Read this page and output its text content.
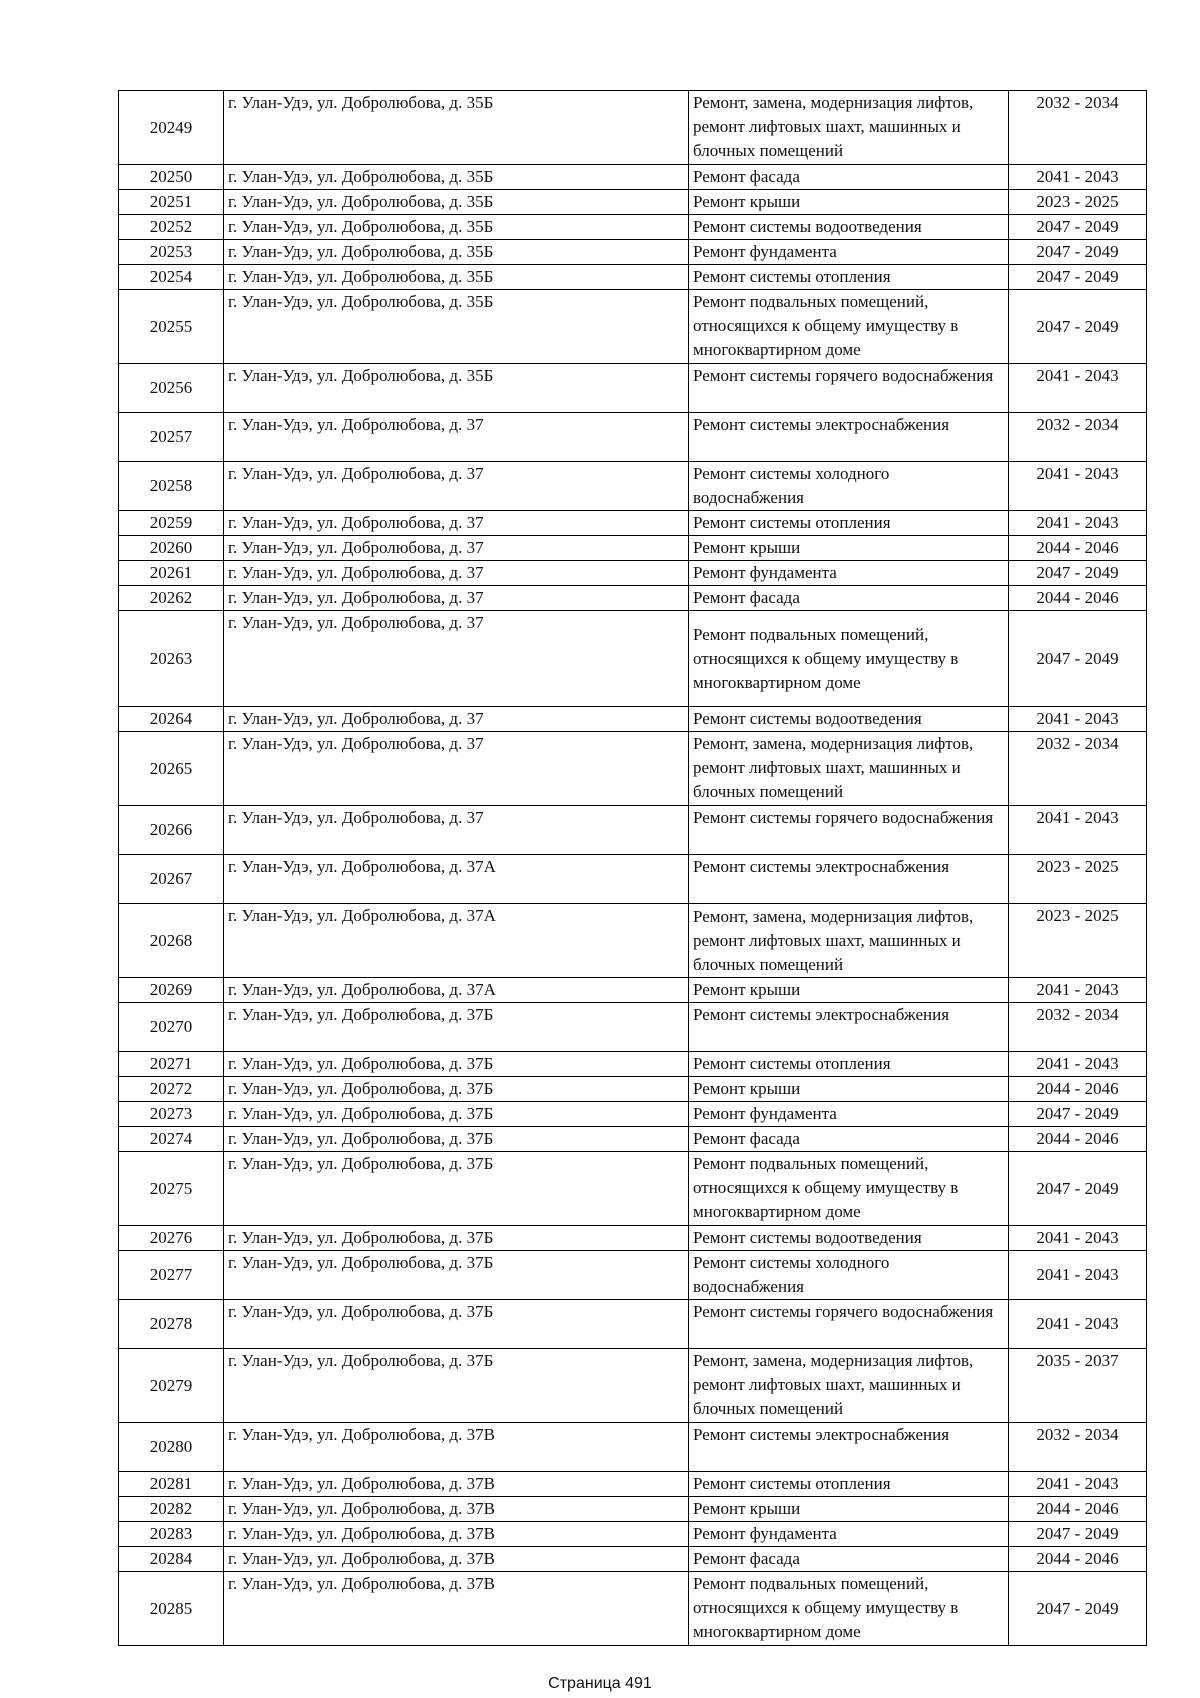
20249	г. Улан-Удэ, ул. Добролюбова, д. 35Б	Ремонт, замена, модернизация лифтов, ремонт лифтовых шахт, машинных и блочных помещений	2032 - 2034
20250	г. Улан-Удэ, ул. Добролюбова, д. 35Б	Ремонт фасада	2041 - 2043
20251	г. Улан-Удэ, ул. Добролюбова, д. 35Б	Ремонт крыши	2023 - 2025
20252	г. Улан-Удэ, ул. Добролюбова, д. 35Б	Ремонт системы водоотведения	2047 - 2049
20253	г. Улан-Удэ, ул. Добролюбова, д. 35Б	Ремонт фундамента	2047 - 2049
20254	г. Улан-Удэ, ул. Добролюбова, д. 35Б	Ремонт системы отопления	2047 - 2049
20255	г. Улан-Удэ, ул. Добролюбова, д. 35Б	Ремонт подвальных помещений, относящихся к общему имуществу в многоквартирном доме	2047 - 2049
20256	г. Улан-Удэ, ул. Добролюбова, д. 35Б	Ремонт системы горячего водоснабжения	2041 - 2043
20257	г. Улан-Удэ, ул. Добролюбова, д. 37	Ремонт системы электроснабжения	2032 - 2034
20258	г. Улан-Удэ, ул. Добролюбова, д. 37	Ремонт системы холодного водоснабжения	2041 - 2043
20259	г. Улан-Удэ, ул. Добролюбова, д. 37	Ремонт системы отопления	2041 - 2043
20260	г. Улан-Удэ, ул. Добролюбова, д. 37	Ремонт крыши	2044 - 2046
20261	г. Улан-Удэ, ул. Добролюбова, д. 37	Ремонт фундамента	2047 - 2049
20262	г. Улан-Удэ, ул. Добролюбова, д. 37	Ремонт фасада	2044 - 2046
20263	г. Улан-Удэ, ул. Добролюбова, д. 37	Ремонт подвальных помещений, относящихся к общему имуществу в многоквартирном доме	2047 - 2049
20264	г. Улан-Удэ, ул. Добролюбова, д. 37	Ремонт системы водоотведения	2041 - 2043
20265	г. Улан-Удэ, ул. Добролюбова, д. 37	Ремонт, замена, модернизация лифтов, ремонт лифтовых шахт, машинных и блочных помещений	2032 - 2034
20266	г. Улан-Удэ, ул. Добролюбова, д. 37	Ремонт системы горячего водоснабжения	2041 - 2043
20267	г. Улан-Удэ, ул. Добролюбова, д. 37А	Ремонт системы электроснабжения	2023 - 2025
20268	г. Улан-Удэ, ул. Добролюбова, д. 37А	Ремонт, замена, модернизация лифтов, ремонт лифтовых шахт, машинных и блочных помещений	2023 - 2025
20269	г. Улан-Удэ, ул. Добролюбова, д. 37А	Ремонт крыши	2041 - 2043
20270	г. Улан-Удэ, ул. Добролюбова, д. 37Б	Ремонт системы электроснабжения	2032 - 2034
20271	г. Улан-Удэ, ул. Добролюбова, д. 37Б	Ремонт системы отопления	2041 - 2043
20272	г. Улан-Удэ, ул. Добролюбова, д. 37Б	Ремонт крыши	2044 - 2046
20273	г. Улан-Удэ, ул. Добролюбова, д. 37Б	Ремонт фундамента	2047 - 2049
20274	г. Улан-Удэ, ул. Добролюбова, д. 37Б	Ремонт фасада	2044 - 2046
20275	г. Улан-Удэ, ул. Добролюбова, д. 37Б	Ремонт подвальных помещений, относящихся к общему имуществу в многоквартирном доме	2047 - 2049
20276	г. Улан-Удэ, ул. Добролюбова, д. 37Б	Ремонт системы водоотведения	2041 - 2043
20277	г. Улан-Удэ, ул. Добролюбова, д. 37Б	Ремонт системы холодного водоснабжения	2041 - 2043
20278	г. Улан-Удэ, ул. Добролюбова, д. 37Б	Ремонт системы горячего водоснабжения	2041 - 2043
20279	г. Улан-Удэ, ул. Добролюбова, д. 37Б	Ремонт, замена, модернизация лифтов, ремонт лифтовых шахт, машинных и блочных помещений	2035 - 2037
20280	г. Улан-Удэ, ул. Добролюбова, д. 37В	Ремонт системы электроснабжения	2032 - 2034
20281	г. Улан-Удэ, ул. Добролюбова, д. 37В	Ремонт системы отопления	2041 - 2043
20282	г. Улан-Удэ, ул. Добролюбова, д. 37В	Ремонт крыши	2044 - 2046
20283	г. Улан-Удэ, ул. Добролюбова, д. 37В	Ремонт фундамента	2047 - 2049
20284	г. Улан-Удэ, ул. Добролюбова, д. 37В	Ремонт фасада	2044 - 2046
20285	г. Улан-Удэ, ул. Добролюбова, д. 37В	Ремонт подвальных помещений, относящихся к общему имуществу в многоквартирном доме	2047 - 2049
Страница 491
